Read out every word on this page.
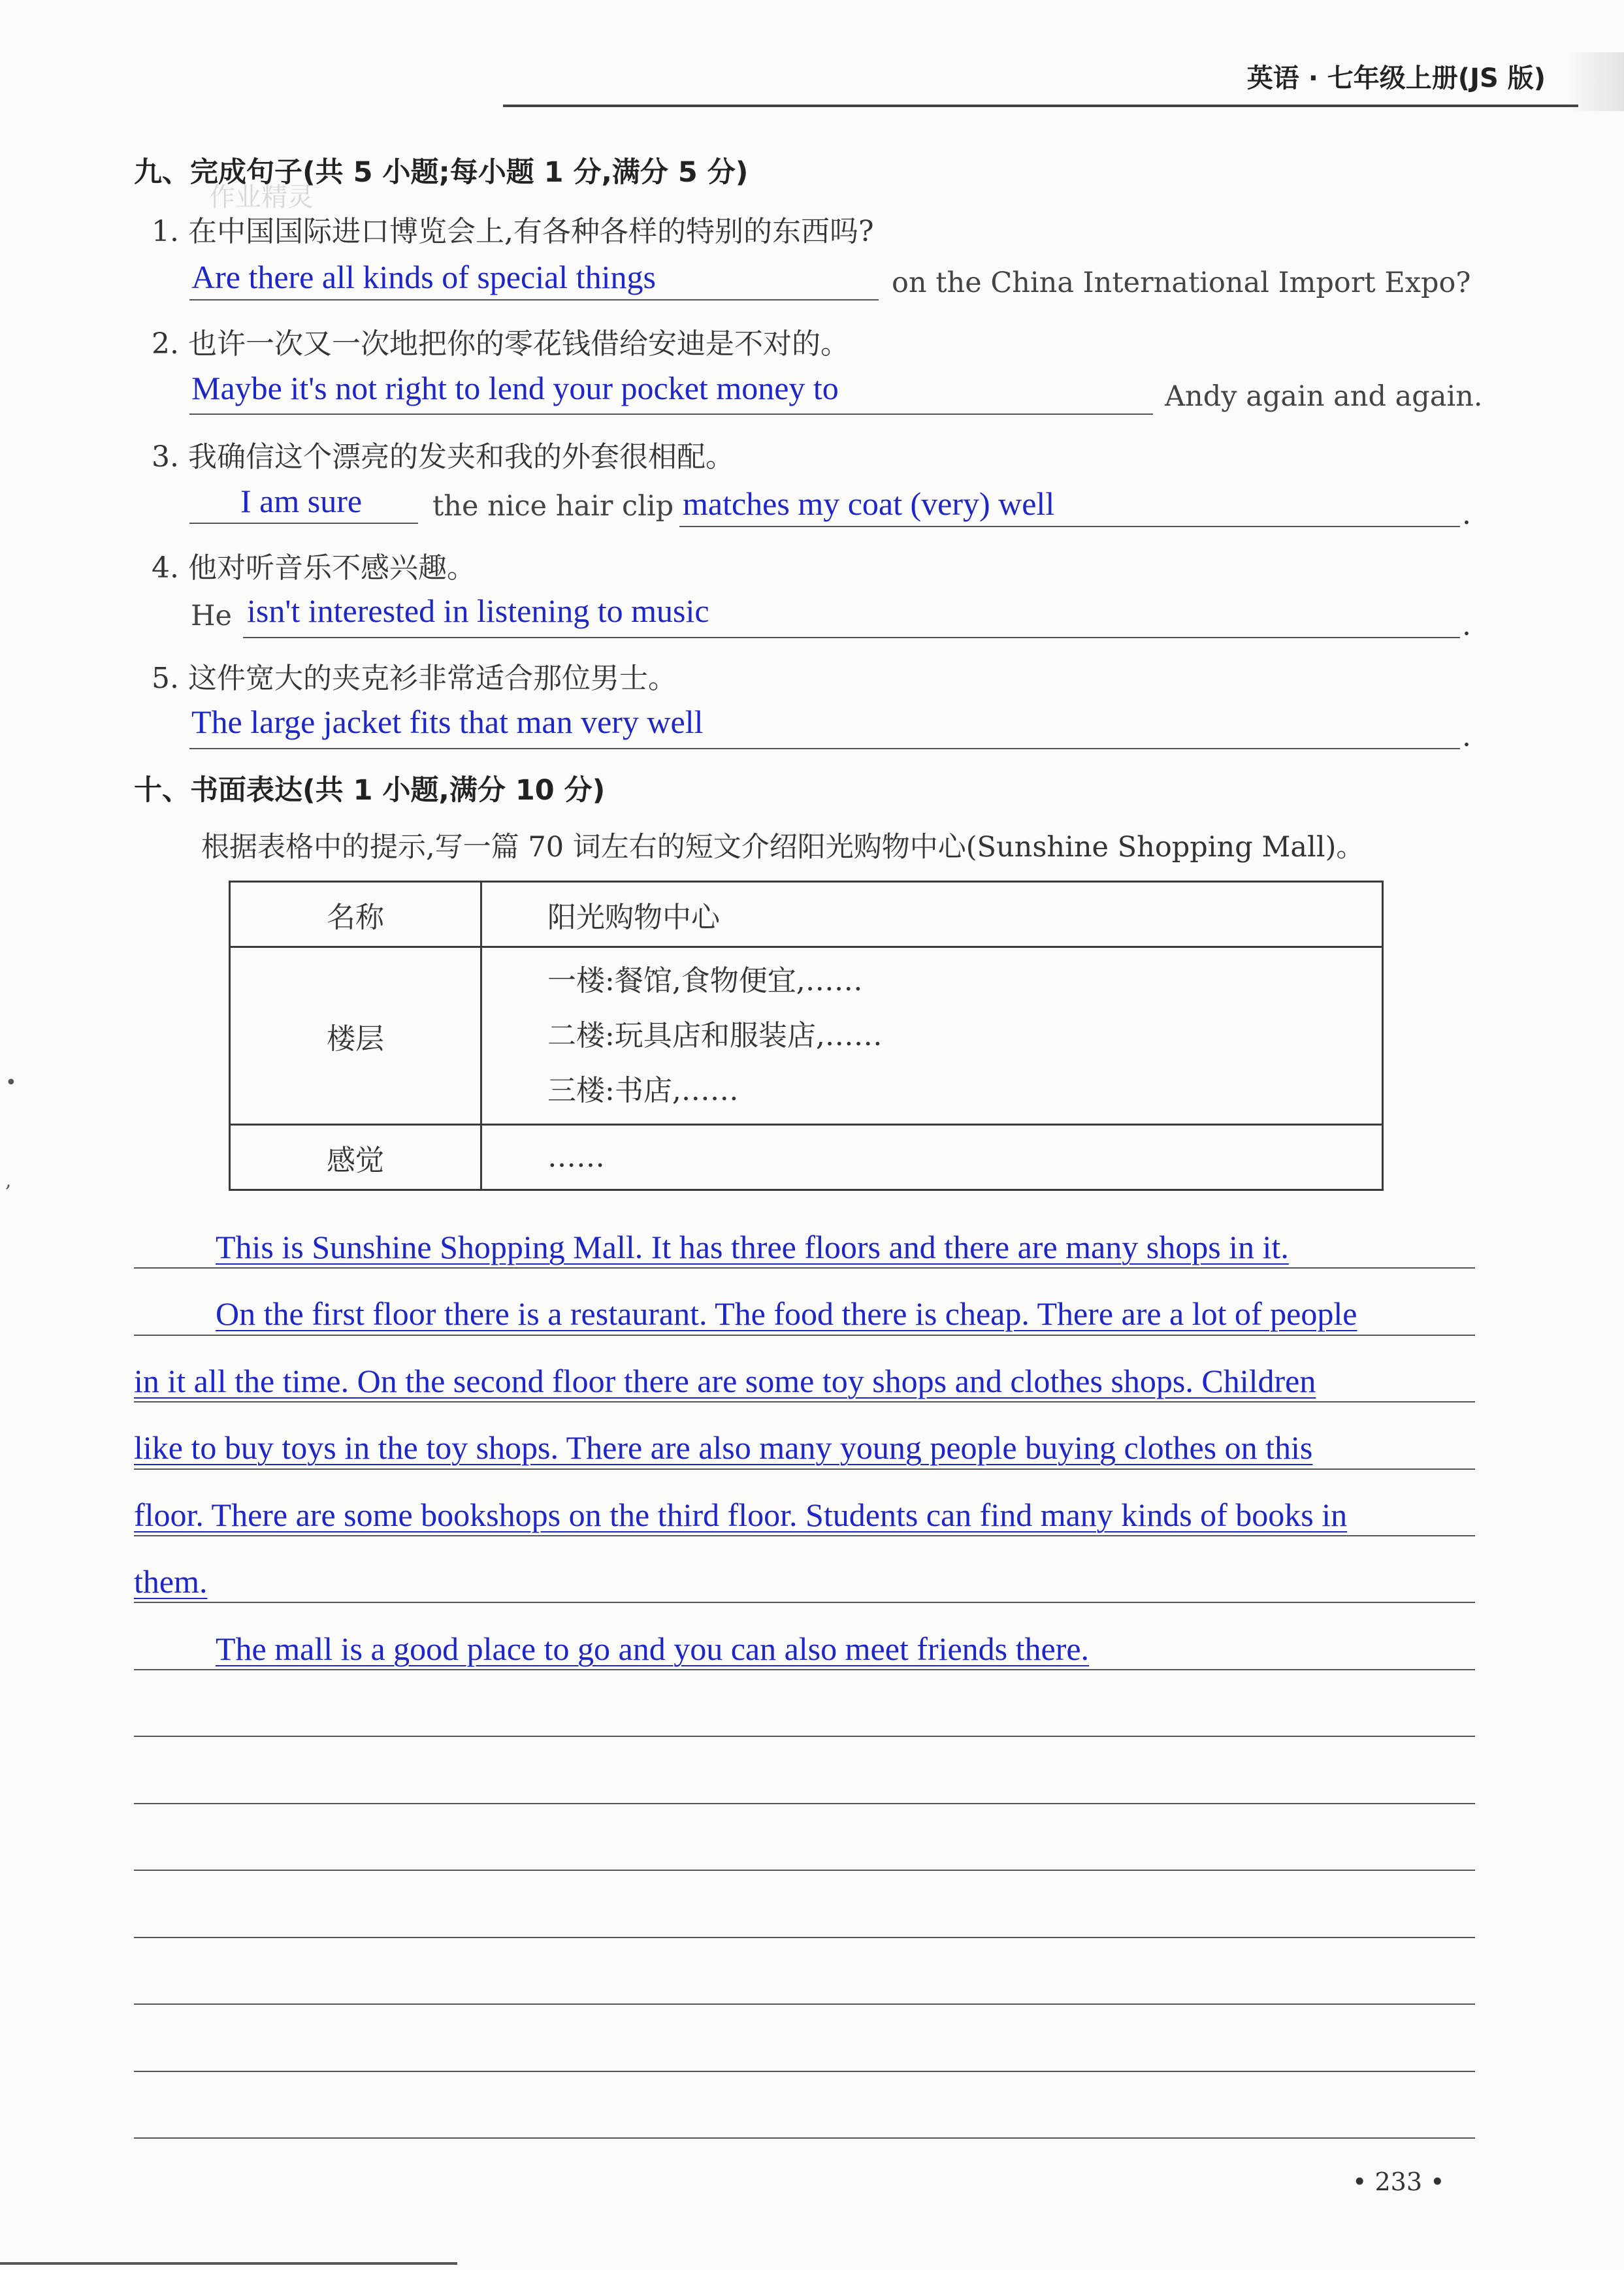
英语 · 七年级上册(JS 版)
九、完成句子(共 5 小题;每小题 1 分,满分 5 分)
作业精灵
1. 在中国国际进口博览会上,有各种各样的特别的东西吗?
Are there all kinds of special things	on the China International Import Expo?
2. 也许一次又一次地把你的零花钱借给安迪是不对的。
Maybe it's not right to lend your pocket money to	Andy again and again.
3. 我确信这个漂亮的发夹和我的外套很相配。
I am sure	the nice hair clip matches my coat (very) well	.
4. 他对听音乐不感兴趣。
He isn't interested in listening to music	.
5. 这件宽大的夹克衫非常适合那位男士。
The large jacket fits that man very well	.
十、书面表达(共 1 小题,满分 10 分)
根据表格中的提示,写一篇 70 词左右的短文介绍阳光购物中心(Sunshine Shopping Mall)。
名称	阳光购物中心
楼层	一楼:餐馆,食物便宜,……
二楼:玩具店和服装店,……
三楼:书店,……

感觉	……
This is Sunshine Shopping Mall. It has three floors and there are many shops in it.
On the first floor there is a restaurant. The food there is cheap. There are a lot of people
in it all the time. On the second floor there are some toy shops and clothes shops. Children
like to buy toys in the toy shops. There are also many young people buying clothes on this
floor. There are some bookshops on the third floor. Students can find many kinds of books in
them.
The mall is a good place to go and you can also meet friends there.
•
,
• 233 •
